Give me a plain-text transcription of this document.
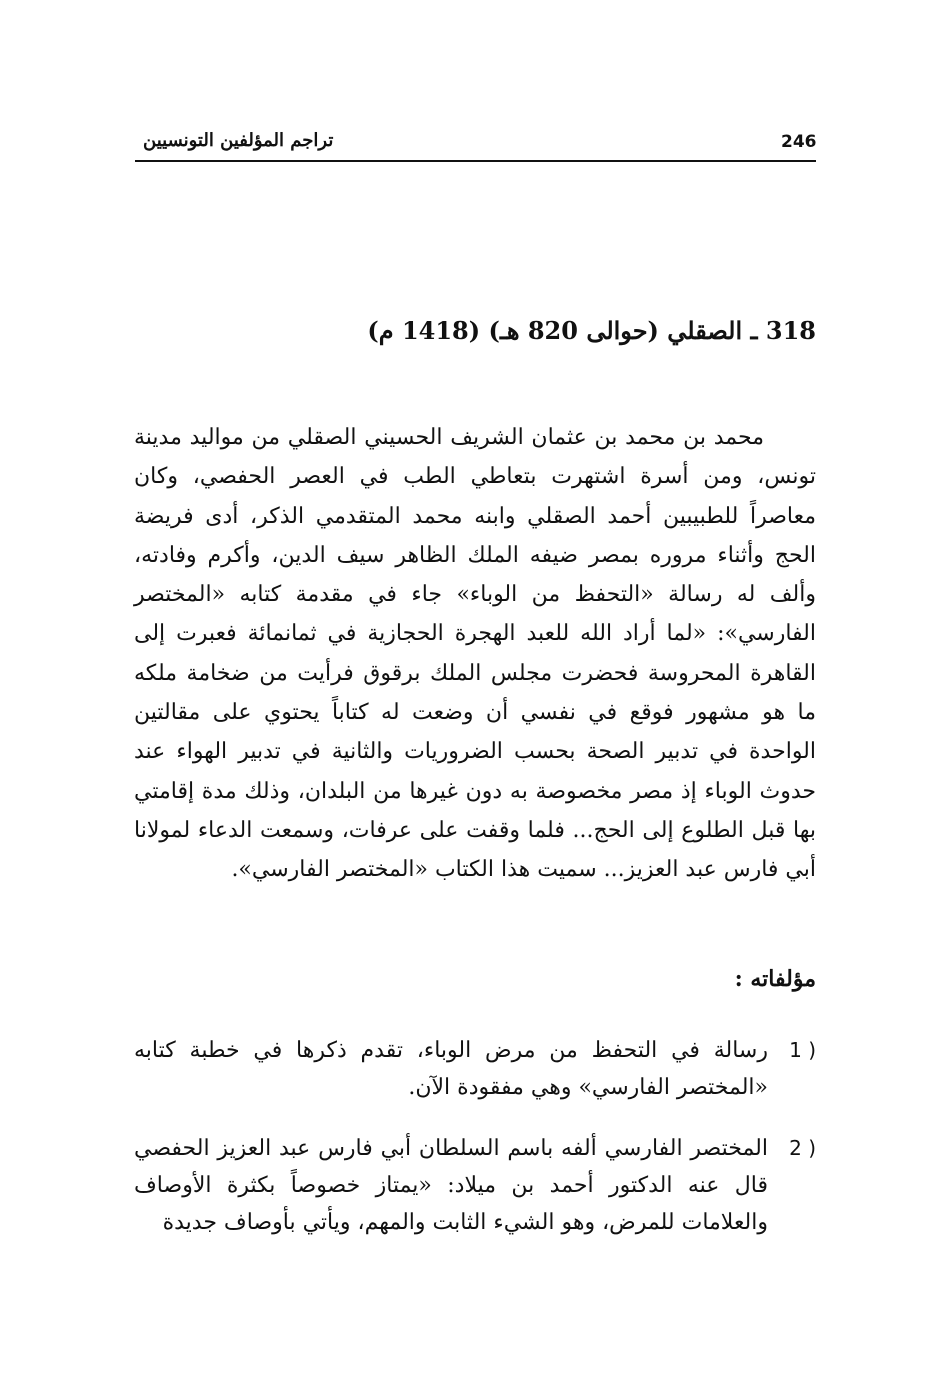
246
تراجم المؤلفين التونسيين
318 ـ الصقلي (حوالى 820 هـ) (1418 م)

محمد بن محمد بن عثمان الشريف الحسيني الصقلي من مواليد مدينة تونس، ومن أسرة اشتهرت بتعاطي الطب في العصر الحفصي، وكان معاصراً للطبيبين أحمد الصقلي وابنه محمد المتقدمي الذكر، أدى فريضة الحج وأثناء مروره بمصر ضيفه الملك الظاهر سيف الدين، وأكرم وفادته، وألف له رسالة «التحفظ من الوباء» جاء في مقدمة كتابه «المختصر الفارسي»: «لما أراد الله للعبد الهجرة الحجازية في ثمانمائة فعبرت إلى القاهرة المحروسة فحضرت مجلس الملك برقوق فرأيت من ضخامة ملكه ما هو مشهور فوقع في نفسي أن وضعت له كتاباً يحتوي على مقالتين الواحدة في تدبير الصحة بحسب الضروريات والثانية في تدبير الهواء عند حدوث الوباء إذ مصر مخصوصة به دون غيرها من البلدان، وذلك مدة إقامتي بها قبل الطلوع إلى الحج... فلما وقفت على عرفات، وسمعت الدعاء لمولانا أبي فارس عبد العزيز... سميت هذا الكتاب «المختصر الفارسي».

مؤلفاته :
1 )
رسالة في التحفظ من مرض الوباء، تقدم ذكرها في خطبة كتابه «المختصر الفارسي» وهي مفقودة الآن.
2 )
المختصر الفارسي ألفه باسم السلطان أبي فارس عبد العزيز الحفصي قال عنه الدكتور أحمد بن ميلاد: «يمتاز خصوصاً بكثرة الأوصاف والعلامات للمرض، وهو الشيء الثابت والمهم، ويأتي بأوصاف جديدة
